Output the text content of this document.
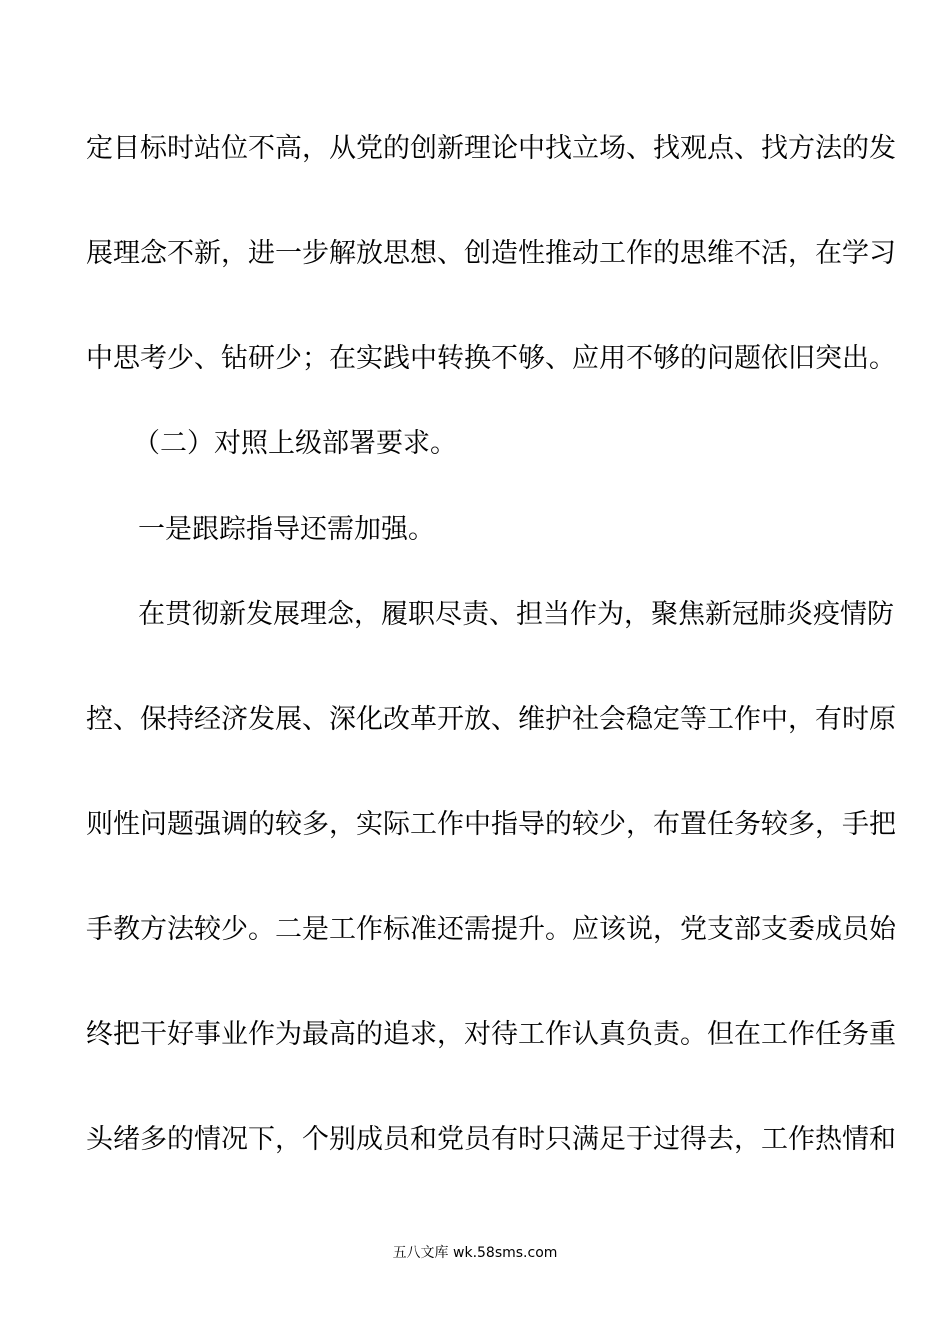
定目标时站位不高，从党的创新理论中找立场、找观点、找方法的发
展理念不新，进一步解放思想、创造性推动工作的思维不活，在学习
中思考少、钻研少；在实践中转换不够、应用不够的问题依旧突出。
（二）对照上级部署要求。
一是跟踪指导还需加强。
在贯彻新发展理念，履职尽责、担当作为，聚焦新冠肺炎疫情防
控、保持经济发展、深化改革开放、维护社会稳定等工作中，有时原
则性问题强调的较多，实际工作中指导的较少，布置任务较多，手把
手教方法较少。二是工作标准还需提升。应该说，党支部支委成员始
终把干好事业作为最高的追求，对待工作认真负责。但在工作任务重
头绪多的情况下，个别成员和党员有时只满足于过得去，工作热情和
五八文库 wk.58sms.com
